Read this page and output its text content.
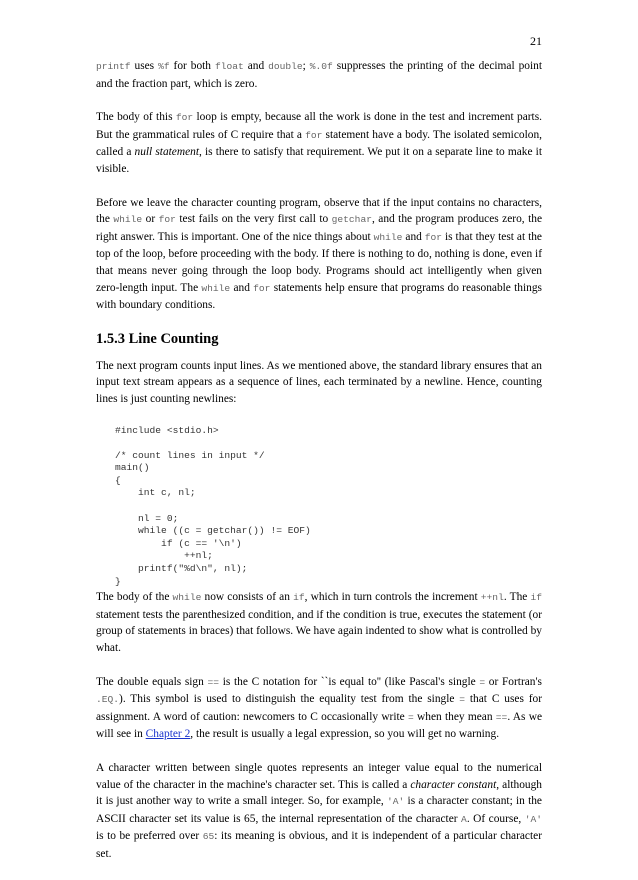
21

printf uses %f for both float and double; %.0f suppresses the printing of the decimal point and the fraction part, which is zero.

The body of this for loop is empty, because all the work is done in the test and increment parts. But the grammatical rules of C require that a for statement have a body. The isolated semicolon, called a null statement, is there to satisfy that requirement. We put it on a separate line to make it visible.

Before we leave the character counting program, observe that if the input contains no characters, the while or for test fails on the very first call to getchar, and the program produces zero, the right answer. This is important. One of the nice things about while and for is that they test at the top of the loop, before proceeding with the body. If there is nothing to do, nothing is done, even if that means never going through the loop body. Programs should act intelligently when given zero-length input. The while and for statements help ensure that programs do reasonable things with boundary conditions.

1.5.3 Line Counting

The next program counts input lines. As we mentioned above, the standard library ensures that an input text stream appears as a sequence of lines, each terminated by a newline. Hence, counting lines is just counting newlines:

#include <stdio.h>
/* count lines in input */
main()
{
int c, nl;
nl = 0;
while ((c = getchar()) != EOF)
if (c == '\n')
++nl;
printf("%d\n", nl);
}

The body of the while now consists of an if, which in turn controls the increment ++nl. The if statement tests the parenthesized condition, and if the condition is true, executes the statement (or group of statements in braces) that follows. We have again indented to show what is controlled by what.

The double equals sign == is the C notation for ``is equal to'' (like Pascal's single = or Fortran's .EQ.). This symbol is used to distinguish the equality test from the single = that C uses for assignment. A word of caution: newcomers to C occasionally write = when they mean ==. As we will see in Chapter 2, the result is usually a legal expression, so you will get no warning.

A character written between single quotes represents an integer value equal to the numerical value of the character in the machine's character set. This is called a character constant, although it is just another way to write a small integer. So, for example, 'A' is a character constant; in the ASCII character set its value is 65, the internal representation of the character A. Of course, 'A' is to be preferred over 65: its meaning is obvious, and it is independent of a particular character set.
